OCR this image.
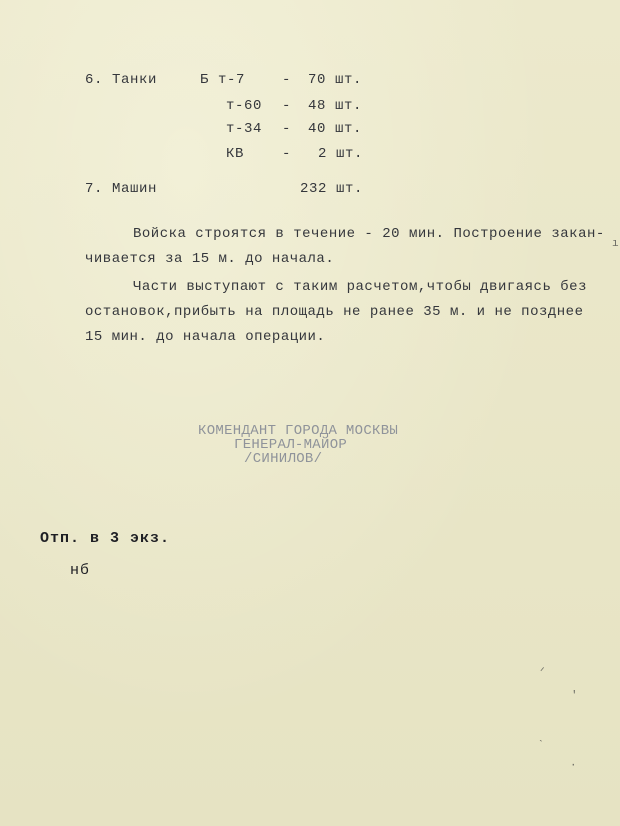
6. Танки	Б т-7	- 70 шт.
т-60 - 48 шт.
т-34 - 40 шт.
КВ	- 2 шт.
7. Машин	232 шт.
Войска строятся в течение - 20 мин. Построение закан-
чивается за 15 м. до начала.
Части выступают с таким расчетом,чтобы двигаясь без
остановок,прибыть на площадь не ранее 35 м. и не позднее
15 мин. до начала операции.
КОМЕНДАНТ ГОРОДА МОСКВЫ
ГЕНЕРАЛ-МАЙОР
/СИНИЛОВ/
Отп. в 3 экз.
нб
ᐟ
'
ˋ
·
ı
